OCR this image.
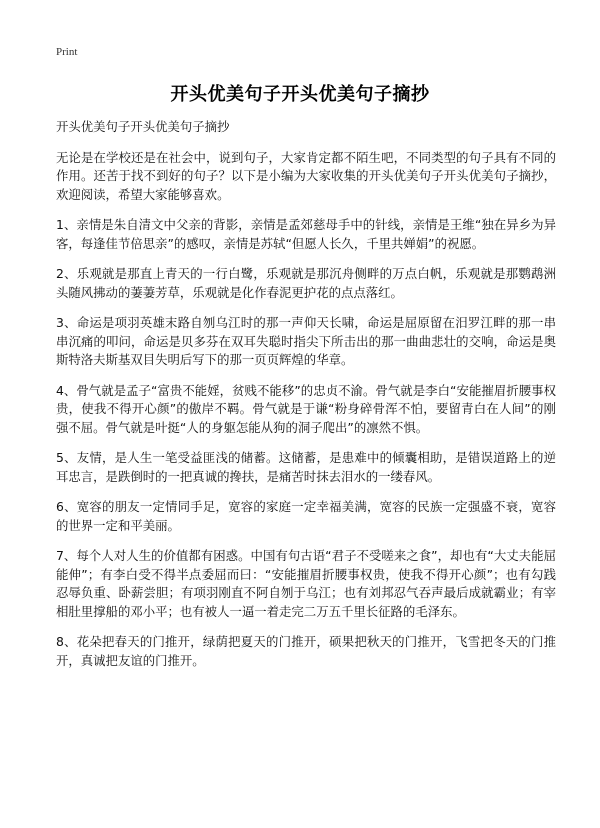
Print
开头优美句子开头优美句子摘抄

开头优美句子开头优美句子摘抄

无论是在学校还是在社会中，说到句子，大家肯定都不陌生吧，不同类型的句子具有不同的作用。还苦于找不到好的句子？以下是小编为大家收集的开头优美句子开头优美句子摘抄，欢迎阅读，希望大家能够喜欢。

1、亲情是朱自清文中父亲的背影，亲情是孟郊慈母手中的针线，亲情是王维“独在异乡为异客，每逢佳节倍思亲”的感叹，亲情是苏轼“但愿人长久，千里共婵娟”的祝愿。

2、乐观就是那直上青天的一行白鹭，乐观就是那沉舟侧畔的万点白帆，乐观就是那鹦鹉洲头随风拂动的萋萋芳草，乐观就是化作春泥更护花的点点落红。

3、命运是项羽英雄末路自刎乌江时的那一声仰天长啸，命运是屈原留在汨罗江畔的那一串串沉痛的叩问，命运是贝多芬在双耳失聪时指尖下所击出的那一曲曲悲壮的交响，命运是奥斯特洛夫斯基双目失明后写下的那一页页辉煌的华章。

4、骨气就是孟子“富贵不能婬，贫贱不能移”的忠贞不渝。骨气就是李白“安能摧眉折腰事权贵，使我不得开心颜”的傲岸不羁。骨气就是于谦“粉身碎骨浑不怕，要留青白在人间”的刚强不屈。骨气就是叶挺“人的身躯怎能从狗的洞子爬出”的凛然不惧。

5、友情，是人生一笔受益匪浅的储蓄。这储蓄，是患难中的倾囊相助，是错误道路上的逆耳忠言，是跌倒时的一把真诚的搀扶，是痛苦时抹去泪水的一缕春风。

6、宽容的朋友一定情同手足，宽容的家庭一定幸福美满，宽容的民族一定强盛不衰，宽容的世界一定和平美丽。

7、每个人对人生的价值都有困惑。中国有句古语“君子不受嗟来之食”，却也有“大丈夫能屈能伸”；有李白受不得半点委屈而曰：“安能摧眉折腰事权贵，使我不得开心颜”；也有勾践忍辱负重、卧薪尝胆；有项羽刚直不阿自刎于乌江；也有刘邦忍气吞声最后成就霸业；有宰相肚里撑船的邓小平；也有被人一逼一着走完二万五千里长征路的毛泽东。

8、花朵把春天的门推开，绿荫把夏天的门推开，硕果把秋天的门推开，飞雪把冬天的门推开，真诚把友谊的门推开。
